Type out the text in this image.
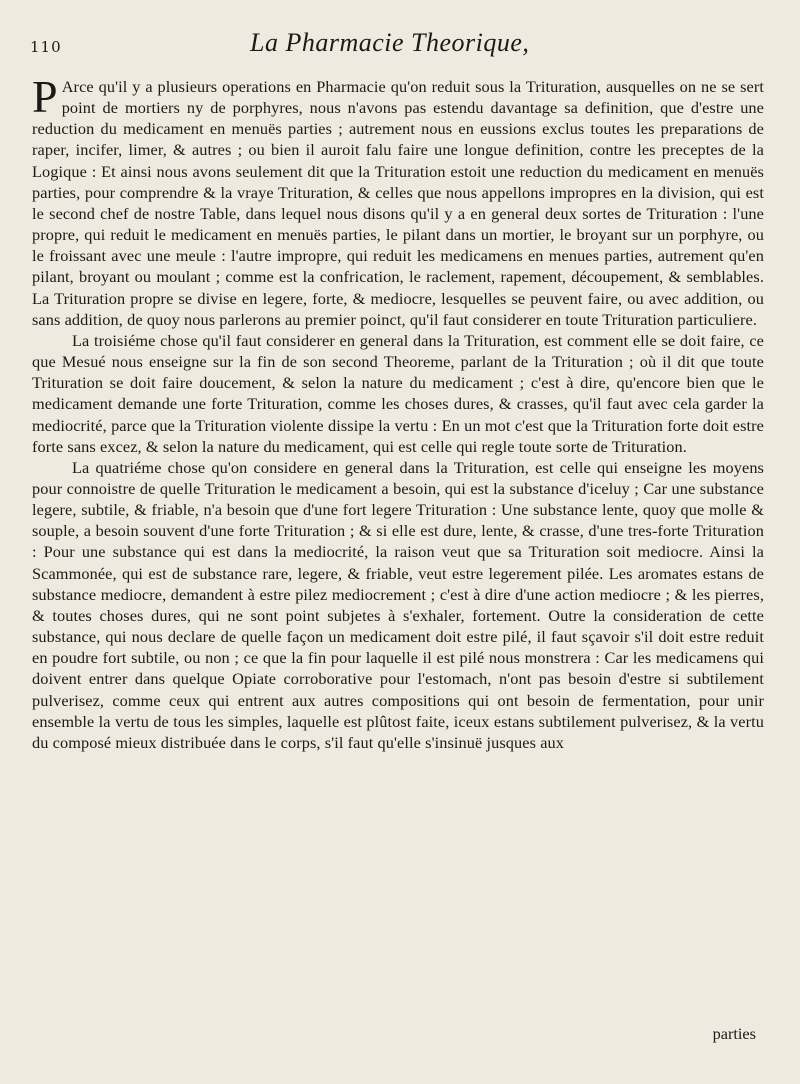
110	La Pharmacie Theorique,

P Arce qu'il y a plusieurs operations en Pharmacie qu'on reduit sous la Trituration, ausquelles on ne se sert point de mortiers ny de porphyres, nous n'avons pas estendu davantage sa definition, que d'estre une reduction du medicament en menuës parties ; autrement nous en eussions exclus toutes les preparations de raper, incifer, limer, & autres ; ou bien il auroit falu faire une longue definition, contre les preceptes de la Logique : Et ainsi nous avons seulement dit que la Trituration estoit une reduction du medicament en menuës parties, pour comprendre & la vraye Trituration, & celles que nous appellons impropres en la division, qui est le second chef de nostre Table, dans lequel nous disons qu'il y a en general deux sortes de Trituration : l'une propre, qui reduit le medicament en menuës parties, le pilant dans un mortier, le broyant sur un porphyre, ou le froissant avec une meule : l'autre impropre, qui reduit les medicamens en menues parties, autrement qu'en pilant, broyant ou moulant ; comme est la confrication, le raclement, rapement, découpement, & semblables. La Trituration propre se divise en legere, forte, & mediocre, lesquelles se peuvent faire, ou avec addition, ou sans addition, de quoy nous parlerons au premier poinct, qu'il faut considerer en toute Trituration particuliere.

La troisiéme chose qu'il faut considerer en general dans la Trituration, est comment elle se doit faire, ce que Mesué nous enseigne sur la fin de son second Theoreme, parlant de la Trituration ; où il dit que toute Trituration se doit faire doucement, & selon la nature du medicament ; c'est à dire, qu'encore bien que le medicament demande une forte Trituration, comme les choses dures, & crasses, qu'il faut avec cela garder la mediocrité, parce que la Trituration violente dissipe la vertu : En un mot c'est que la Trituration forte doit estre forte sans excez, & selon la nature du medicament, qui est celle qui regle toute sorte de Trituration.

La quatriéme chose qu'on considere en general dans la Trituration, est celle qui enseigne les moyens pour connoistre de quelle Trituration le medicament a besoin, qui est la substance d'iceluy ; Car une substance legere, subtile, & friable, n'a besoin que d'une fort legere Trituration : Une substance lente, quoy que molle & souple, a besoin souvent d'une forte Trituration ; & si elle est dure, lente, & crasse, d'une tres-forte Trituration : Pour une substance qui est dans la mediocrité, la raison veut que sa Trituration soit mediocre. Ainsi la Scammonée, qui est de substance rare, legere, & friable, veut estre legerement pilée. Les aromates estans de substance mediocre, demandent à estre pilez mediocrement ; c'est à dire d'une action mediocre ; & les pierres, & toutes choses dures, qui ne sont point subjetes à s'exhaler, fortement. Outre la consideration de cette substance, qui nous declare de quelle façon un medicament doit estre pilé, il faut sçavoir s'il doit estre reduit en poudre fort subtile, ou non ; ce que la fin pour laquelle il est pilé nous monstrera : Car les medicamens qui doivent entrer dans quelque Opiate corroborative pour l'estomach, n'ont pas besoin d'estre si subtilement pulverisez, comme ceux qui entrent aux autres compositions qui ont besoin de fermentation, pour unir ensemble la vertu de tous les simples, laquelle est plûtost faite, iceux estans subtilement pulverisez, & la vertu du composé mieux distribuée dans le corps, s'il faut qu'elle s'insinuë jusques aux

parties
